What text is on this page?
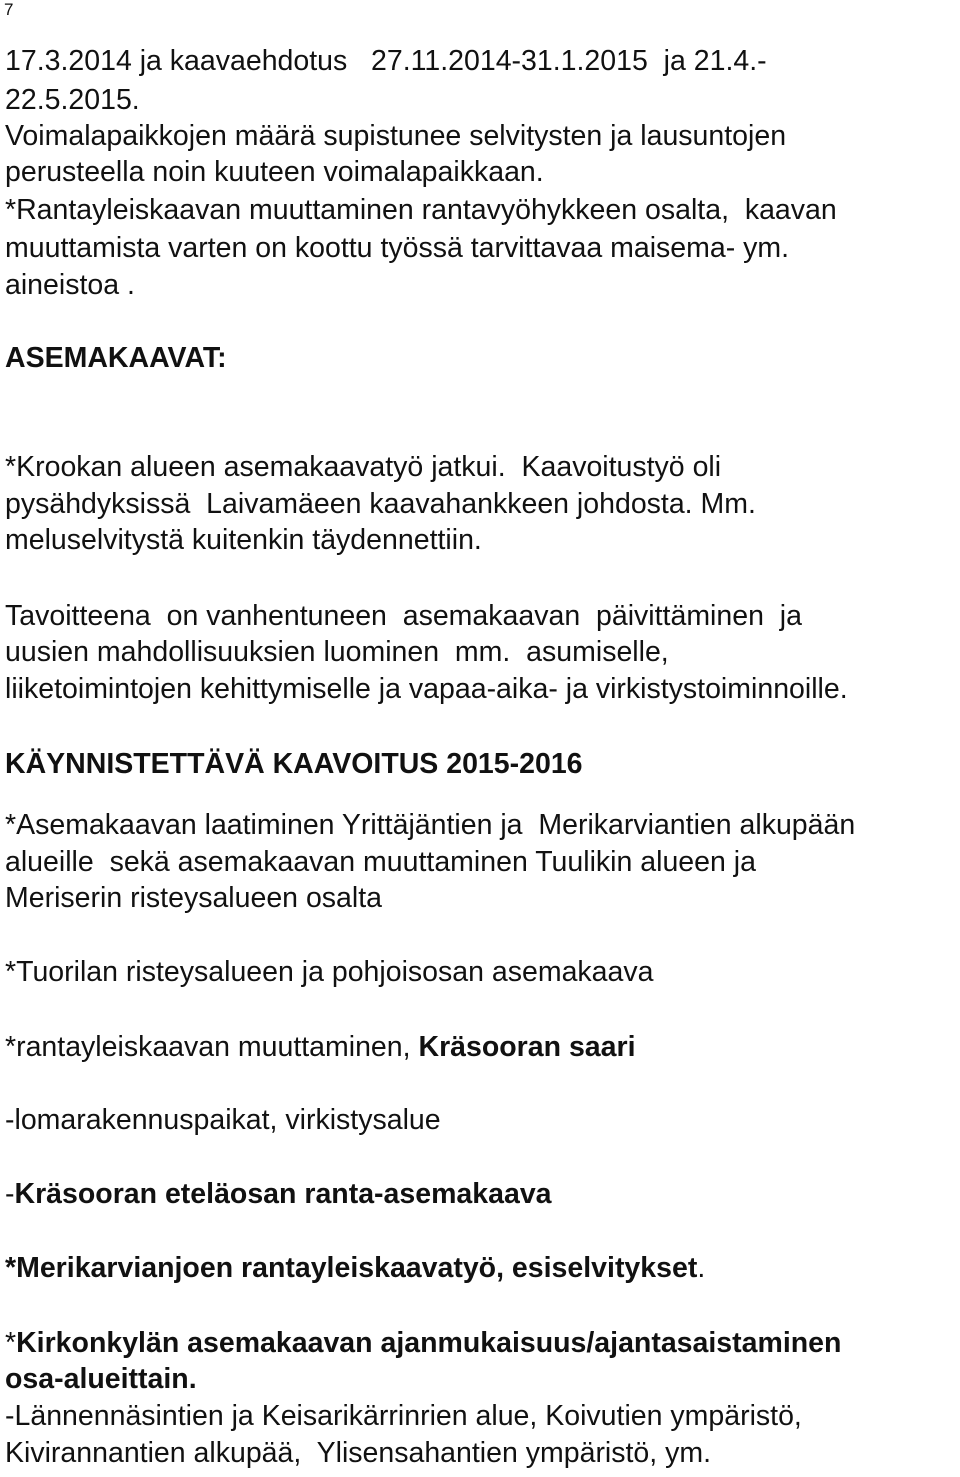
7
17.3.2014 ja kaavaehdotus   27.11.2014-31.1.2015  ja 21.4.-
22.5.2015.
Voimalapaikkojen määrä supistunee selvitysten ja lausuntojen
perusteella noin kuuteen voimalapaikkaan.
*Rantayleiskaavan muuttaminen rantavyöhykkeen osalta,  kaavan
muuttamista varten on koottu työssä tarvittavaa maisema- ym.
aineistoa .
ASEMAKAAVAT:
*Krookan alueen asemakaavatyö jatkui.  Kaavoitustyö oli
pysähdyksissä  Laivamäeen kaavahankkeen johdosta. Mm.
meluselvitystä kuitenkin täydennettiin.
Tavoitteena  on vanhentuneen  asemakaavan  päivittäminen  ja
uusien mahdollisuuksien luominen  mm.  asumiselle,
liiketoimintojen kehittymiselle ja vapaa-aika- ja virkistystoiminnoille.
KÄYNNISTETTÄVÄ KAAVOITUS 2015-2016
*Asemakaavan laatiminen Yrittäjäntien ja  Merikarviantien alkupään
alueille  sekä asemakaavan muuttaminen Tuulikin alueen ja
Meriserin risteysalueen osalta
*Tuorilan risteysalueen ja pohjoisosan asemakaava
*rantayleiskaavan muuttaminen, Kräsooran saari
-lomarakennuspaikat, virkistysalue
-Kräsooran eteläosan ranta-asemakaava
*Merikarvianjoen rantayleiskaavatyö, esiselvitykset.
*Kirkonkylän asemakaavan ajanmukaisuus/ajantasaistaminen
osa-alueittain.
-Lännennäsintien ja Keisarikärrinrien alue, Koivutien ympäristö,
Kivirannantien alkupää,  Ylisensahantien ympäristö, ym.
